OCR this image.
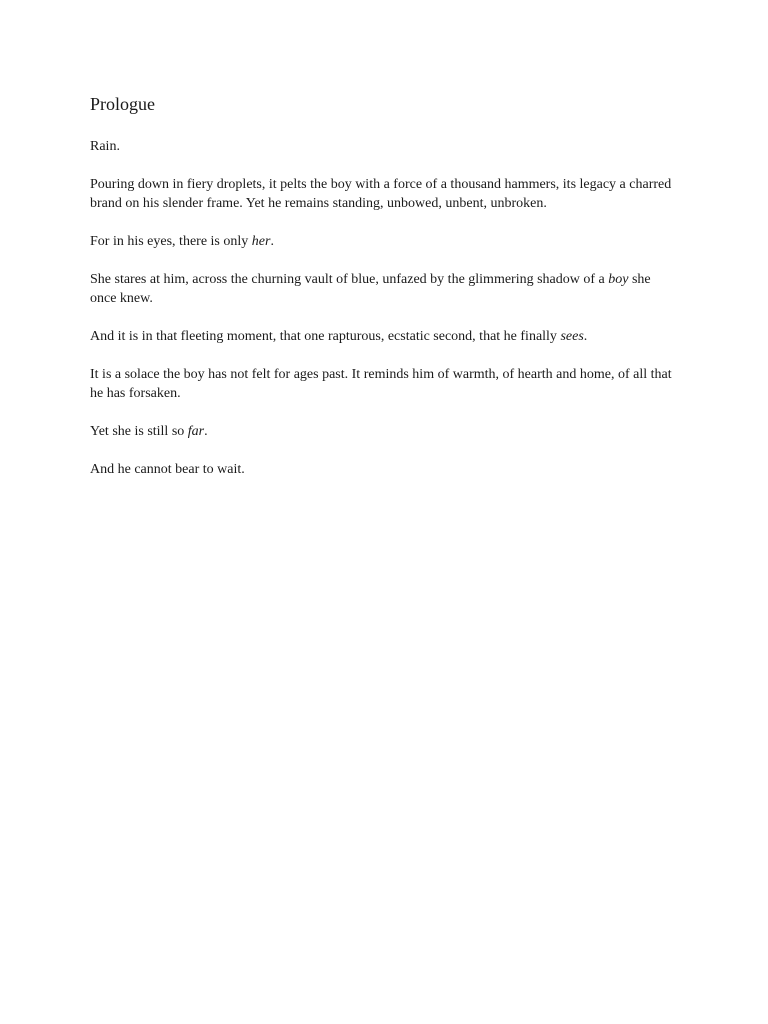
Prologue

Rain.

Pouring down in fiery droplets, it pelts the boy with a force of a thousand hammers, its legacy a charred brand on his slender frame. Yet he remains standing, unbowed, unbent, unbroken.

For in his eyes, there is only her.

She stares at him, across the churning vault of blue, unfazed by the glimmering shadow of a boy she once knew.

And it is in that fleeting moment, that one rapturous, ecstatic second, that he finally sees.

It is a solace the boy has not felt for ages past. It reminds him of warmth, of hearth and home, of all that he has forsaken.

Yet she is still so far.

And he cannot bear to wait.
